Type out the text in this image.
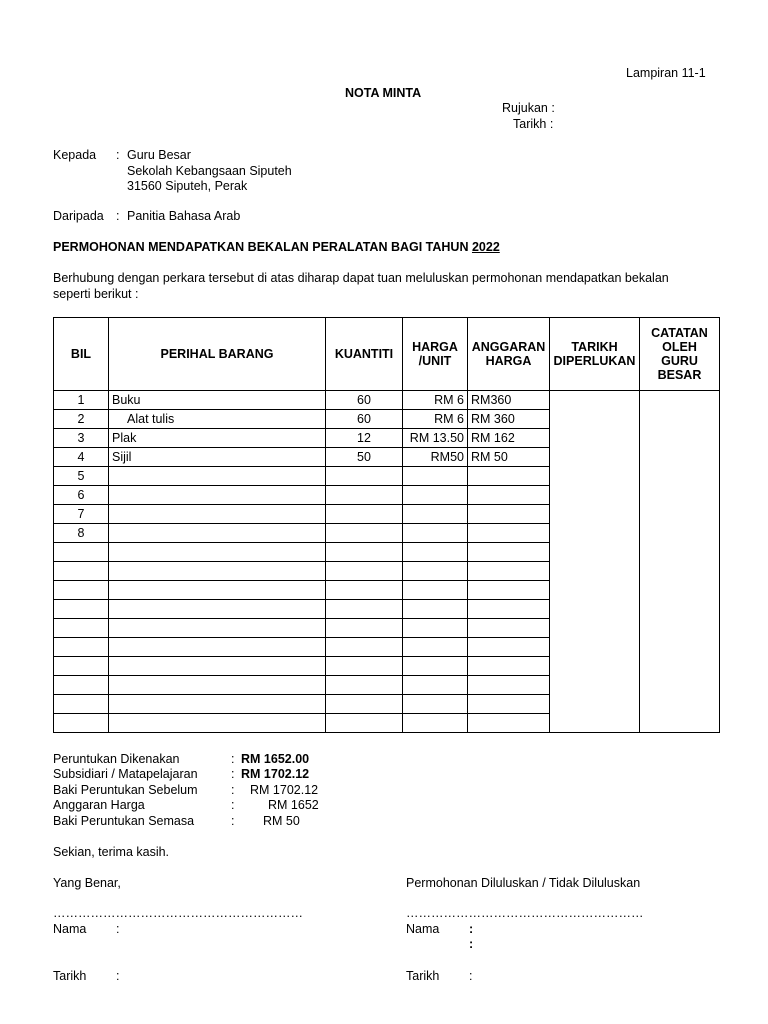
Lampiran 11-1
NOTA MINTA
Rujukan :
Tarikh :
Kepada : Guru Besar
Sekolah Kebangsaan Siputeh
31560 Siputeh, Perak
Daripada : Panitia Bahasa Arab
PERMOHONAN MENDAPATKAN BEKALAN PERALATAN BAGI TAHUN 2022
Berhubung dengan perkara tersebut di atas diharap dapat tuan meluluskan permohonan mendapatkan bekalan
seperti berikut :
BIL	PERIHAL BARANG	KUANTITI	HARGA /UNIT	ANGGARAN HARGA	TARIKH DIPERLUKAN	CATATAN OLEH GURU BESAR
1	Buku	60	RM 6	RM360		
2	Alat tulis	60	RM 6	RM 360		
3	Plak	12	RM 13.50	RM 162		
4	Sijil	50	RM50	RM 50		
5						
6						
7						
8						

Peruntukan Dikenakan	: RM 1652.00
Subsidiari / Matapelajaran	: RM 1702.12
Baki Peruntukan Sebelum	: RM 1702.12
Anggaran Harga	:	RM 1652
Baki Peruntukan Semasa	: RM 50
Sekian, terima kasih.
Yang Benar,
……………………………………………………
Nama :
Tarikh :
Permohonan Diluluskan / Tidak Diluluskan
…………………………………………………
Nama :
:
Tarikh :
